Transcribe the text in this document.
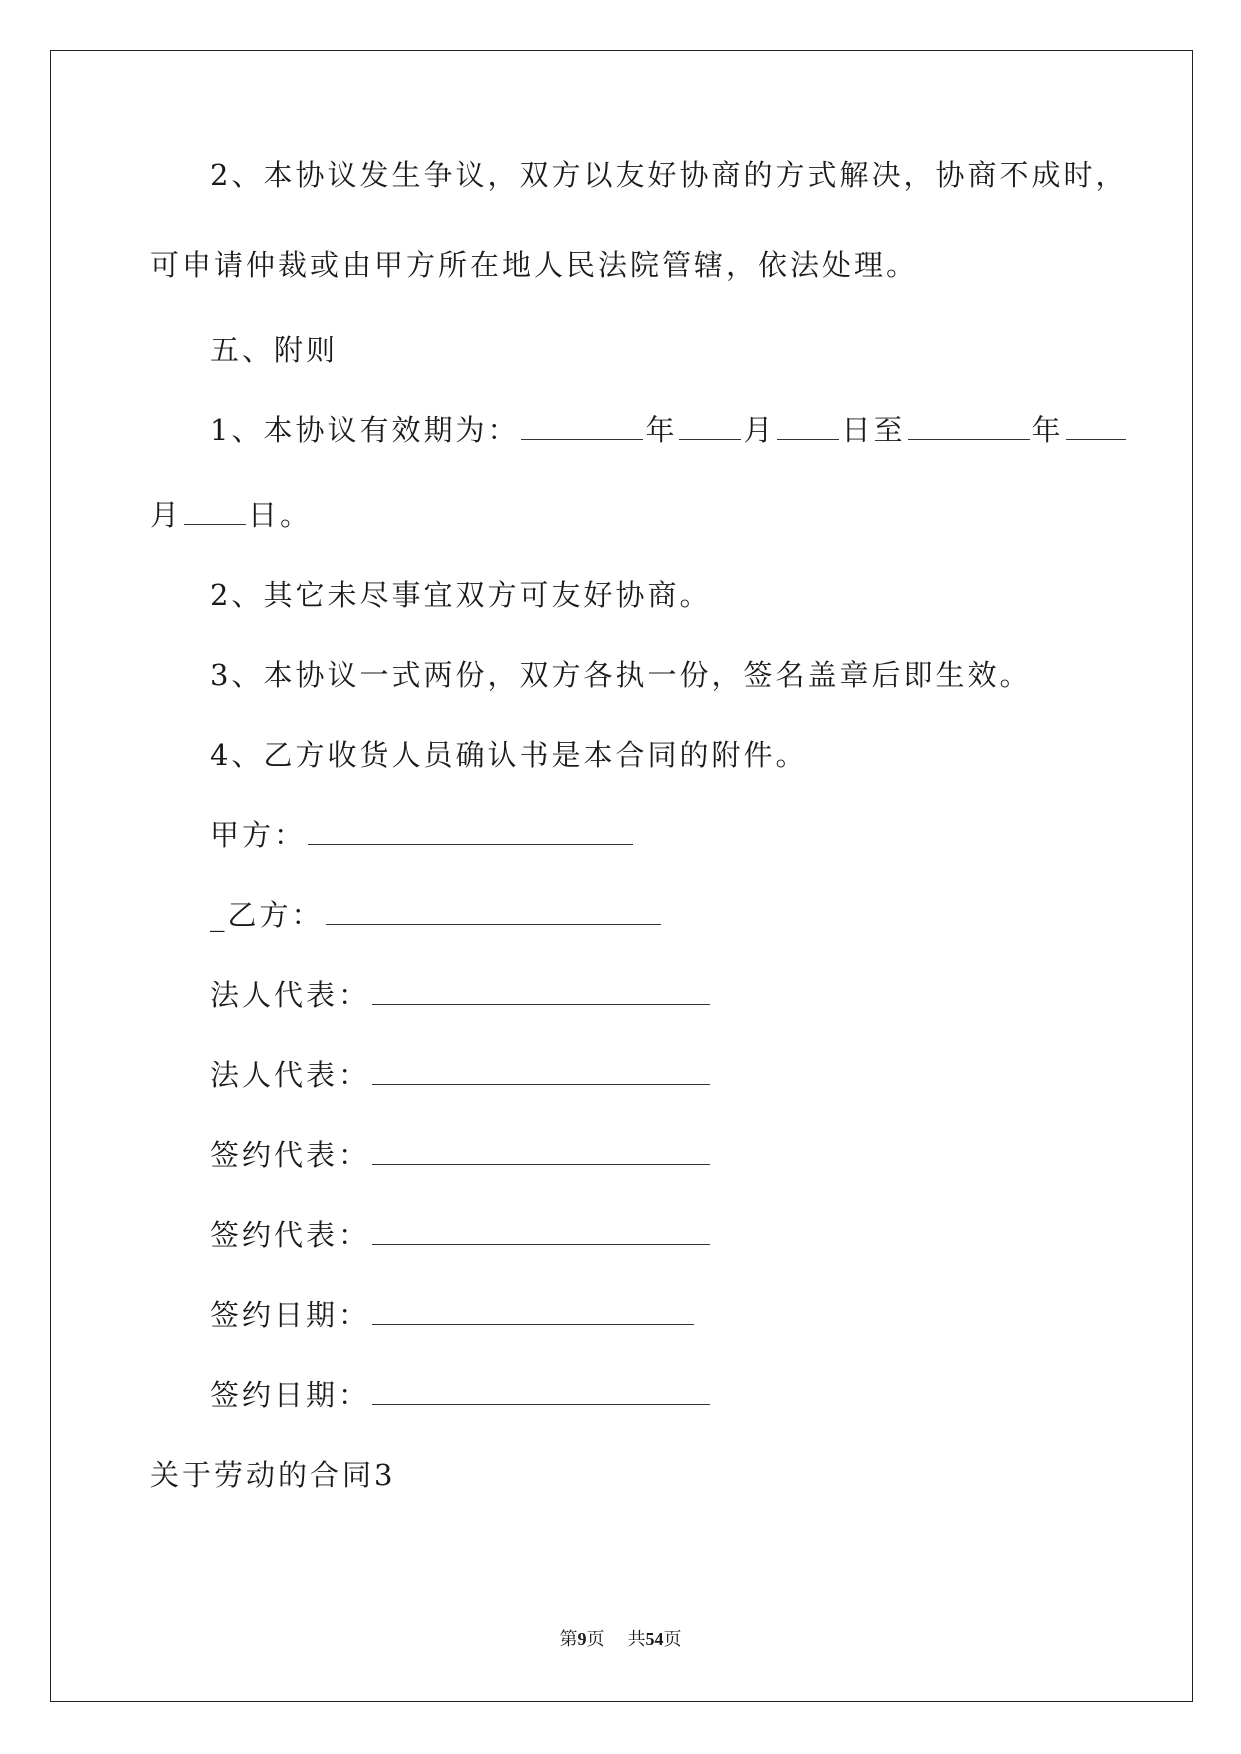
2、本协议发生争议，双方以友好协商的方式解决，协商不成时，
可申请仲裁或由甲方所在地人民法院管辖，依法处理。
五、附则
1、本协议有效期为：	年 月 日至	年
月 日。
2、其它未尽事宜双方可友好协商。
3、本协议一式两份，双方各执一份，签名盖章后即生效。
4、乙方收货人员确认书是本合同的附件。
甲方：
_乙方：
法人代表：
法人代表：
签约代表：
签约代表：
签约日期：
签约日期：
关于劳动的合同3
第9页 共54页
